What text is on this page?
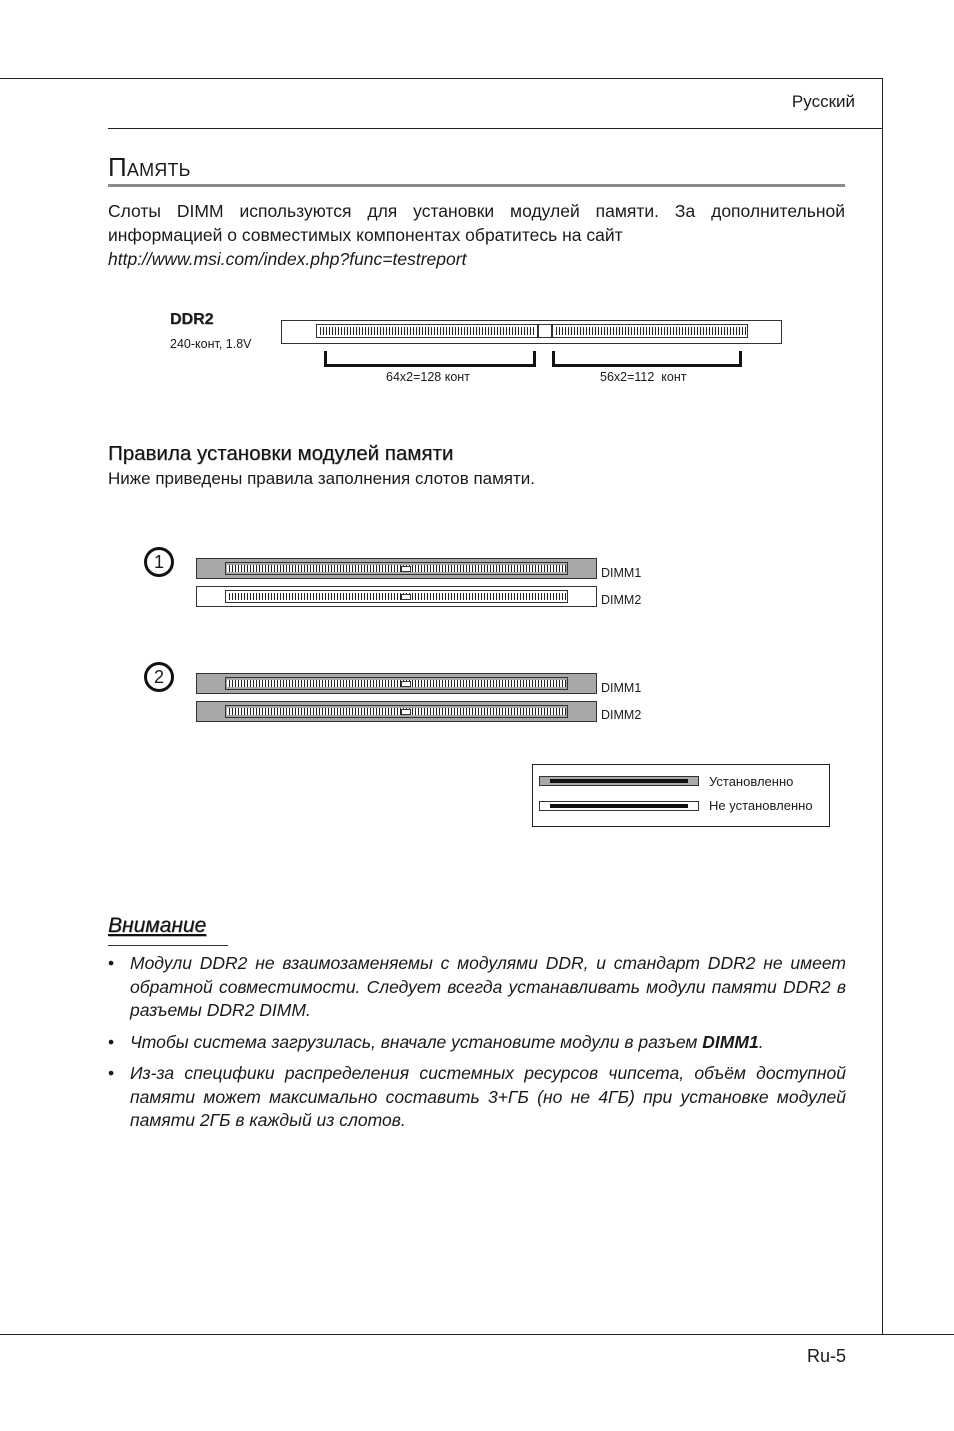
Русский
Память
Слоты DIMM используются для установки модулей памяти. За дополнительной информацией о совместимых компонентах обратитесь на сайт
http://www.msi.com/index.php?func=testreport
DDR2
240-конт, 1.8V
64x2=128 конт	56x2=112  конт
Правила установки модулей памяти
Ниже приведены правила заполнения слотов памяти.
1
DIMM1
DIMM2
2
DIMM1
DIMM2
Установленно
Не установленно
Внимание
• Модули DDR2 не взаимозаменяемы с модулями DDR, и стандарт DDR2 не имеет обратной совместимости. Следует всегда устанавливать модули памяти DDR2 в разъемы DDR2 DIMM.
• Чтобы система загрузилась, вначале установите модули в разъем DIMM1.
• Из-за специфики распределения системных ресурсов чипсета, объём доступной памяти может максимально составить 3+ГБ (но не 4ГБ) при установке модулей памяти 2ГБ в каждый из слотов.
Ru-5
